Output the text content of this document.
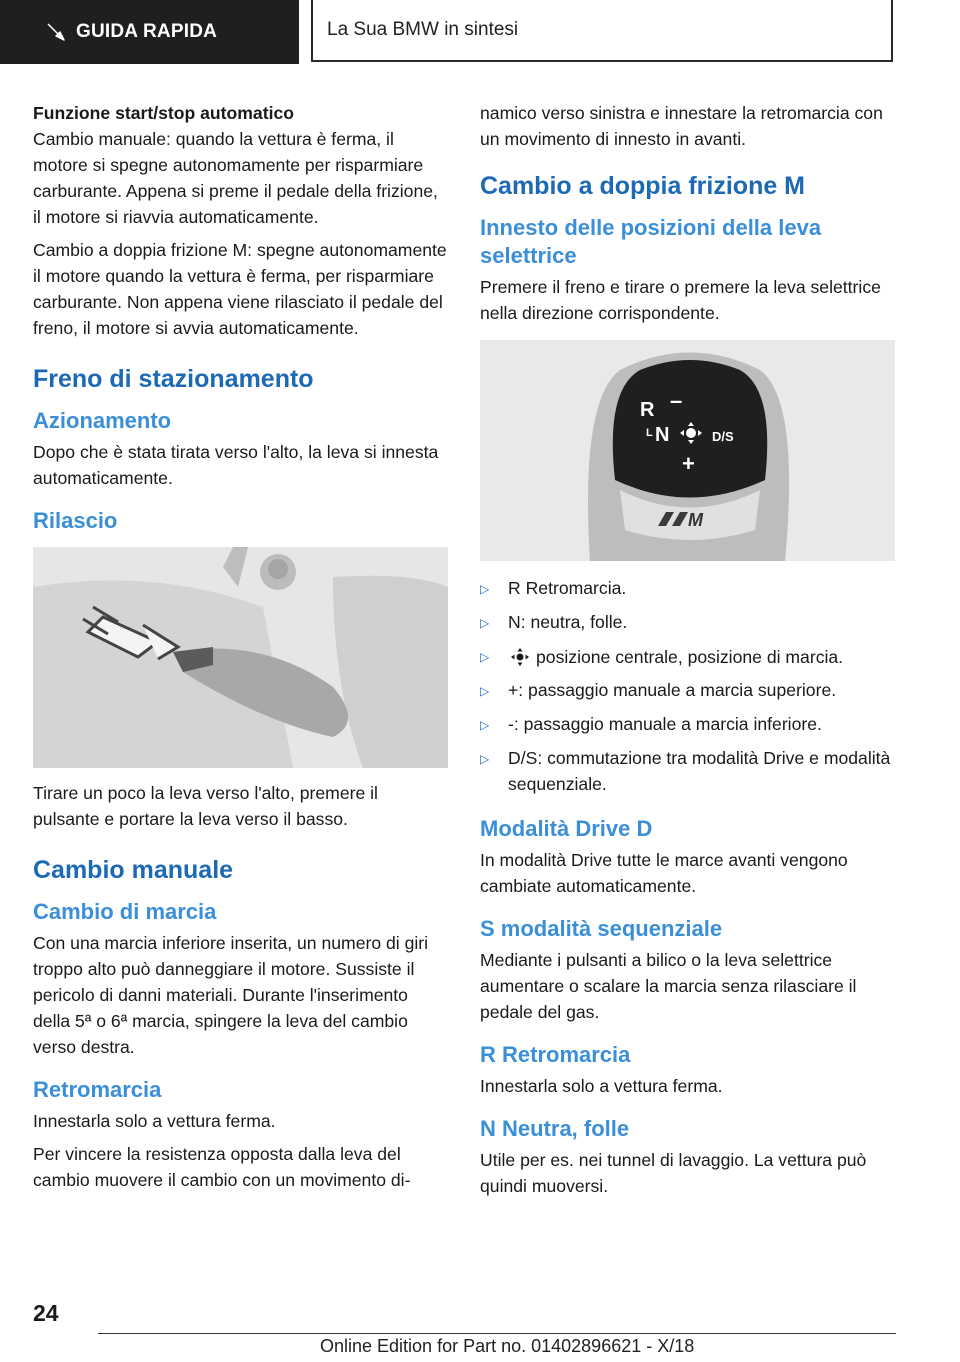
GUIDA RAPIDA	La Sua BMW in sintesi

Funzione start/stop automatico

Cambio manuale: quando la vettura è ferma, il motore si spegne autonomamente per risparmiare carburante. Appena si preme il pedale della frizione, il motore si riavvia automaticamente.

Cambio a doppia frizione M: spegne autonomamente il motore quando la vettura è ferma, per risparmiare carburante. Non appena viene rilasciato il pedale del freno, il motore si avvia automaticamente.

Freno di stazionamento
Azionamento

Dopo che è stata tirata verso l'alto, la leva si innesta automaticamente.

Rilascio

Tirare un poco la leva verso l'alto, premere il pulsante e portare la leva verso il basso.

Cambio manuale
Cambio di marcia

Con una marcia inferiore inserita, un numero di giri troppo alto può danneggiare il motore. Sussiste il pericolo di danni materiali. Durante l'inserimento della 5ª o 6ª marcia, spingere la leva del cambio verso destra.

Retromarcia

Innestarla solo a vettura ferma.

Per vincere la resistenza opposta dalla leva del cambio muovere il cambio con un movimento di-

namico verso sinistra e innestare la retromarcia con un movimento di innesto in avanti.

Cambio a doppia frizione M
Innesto delle posizioni della leva selettrice

Premere il freno e tirare o premere la leva selettrice nella direzione corrispondente.

R –
L N	D/S
+
M
▷	R Retromarcia.
▷	N: neutra, folle.
▷	posizione centrale, posizione di marcia.
▷	+: passaggio manuale a marcia superiore.
▷	-: passaggio manuale a marcia inferiore.
▷	D/S: commutazione tra modalità Drive e modalità sequenziale.
Modalità Drive D

In modalità Drive tutte le marce avanti vengono cambiate automaticamente.

S modalità sequenziale

Mediante i pulsanti a bilico o la leva selettrice aumentare o scalare la marcia senza rilasciare il pedale del gas.

R Retromarcia

Innestarla solo a vettura ferma.

N Neutra, folle

Utile per es. nei tunnel di lavaggio. La vettura può quindi muoversi.

24
Online Edition for Part no. 01402896621 - X/18
